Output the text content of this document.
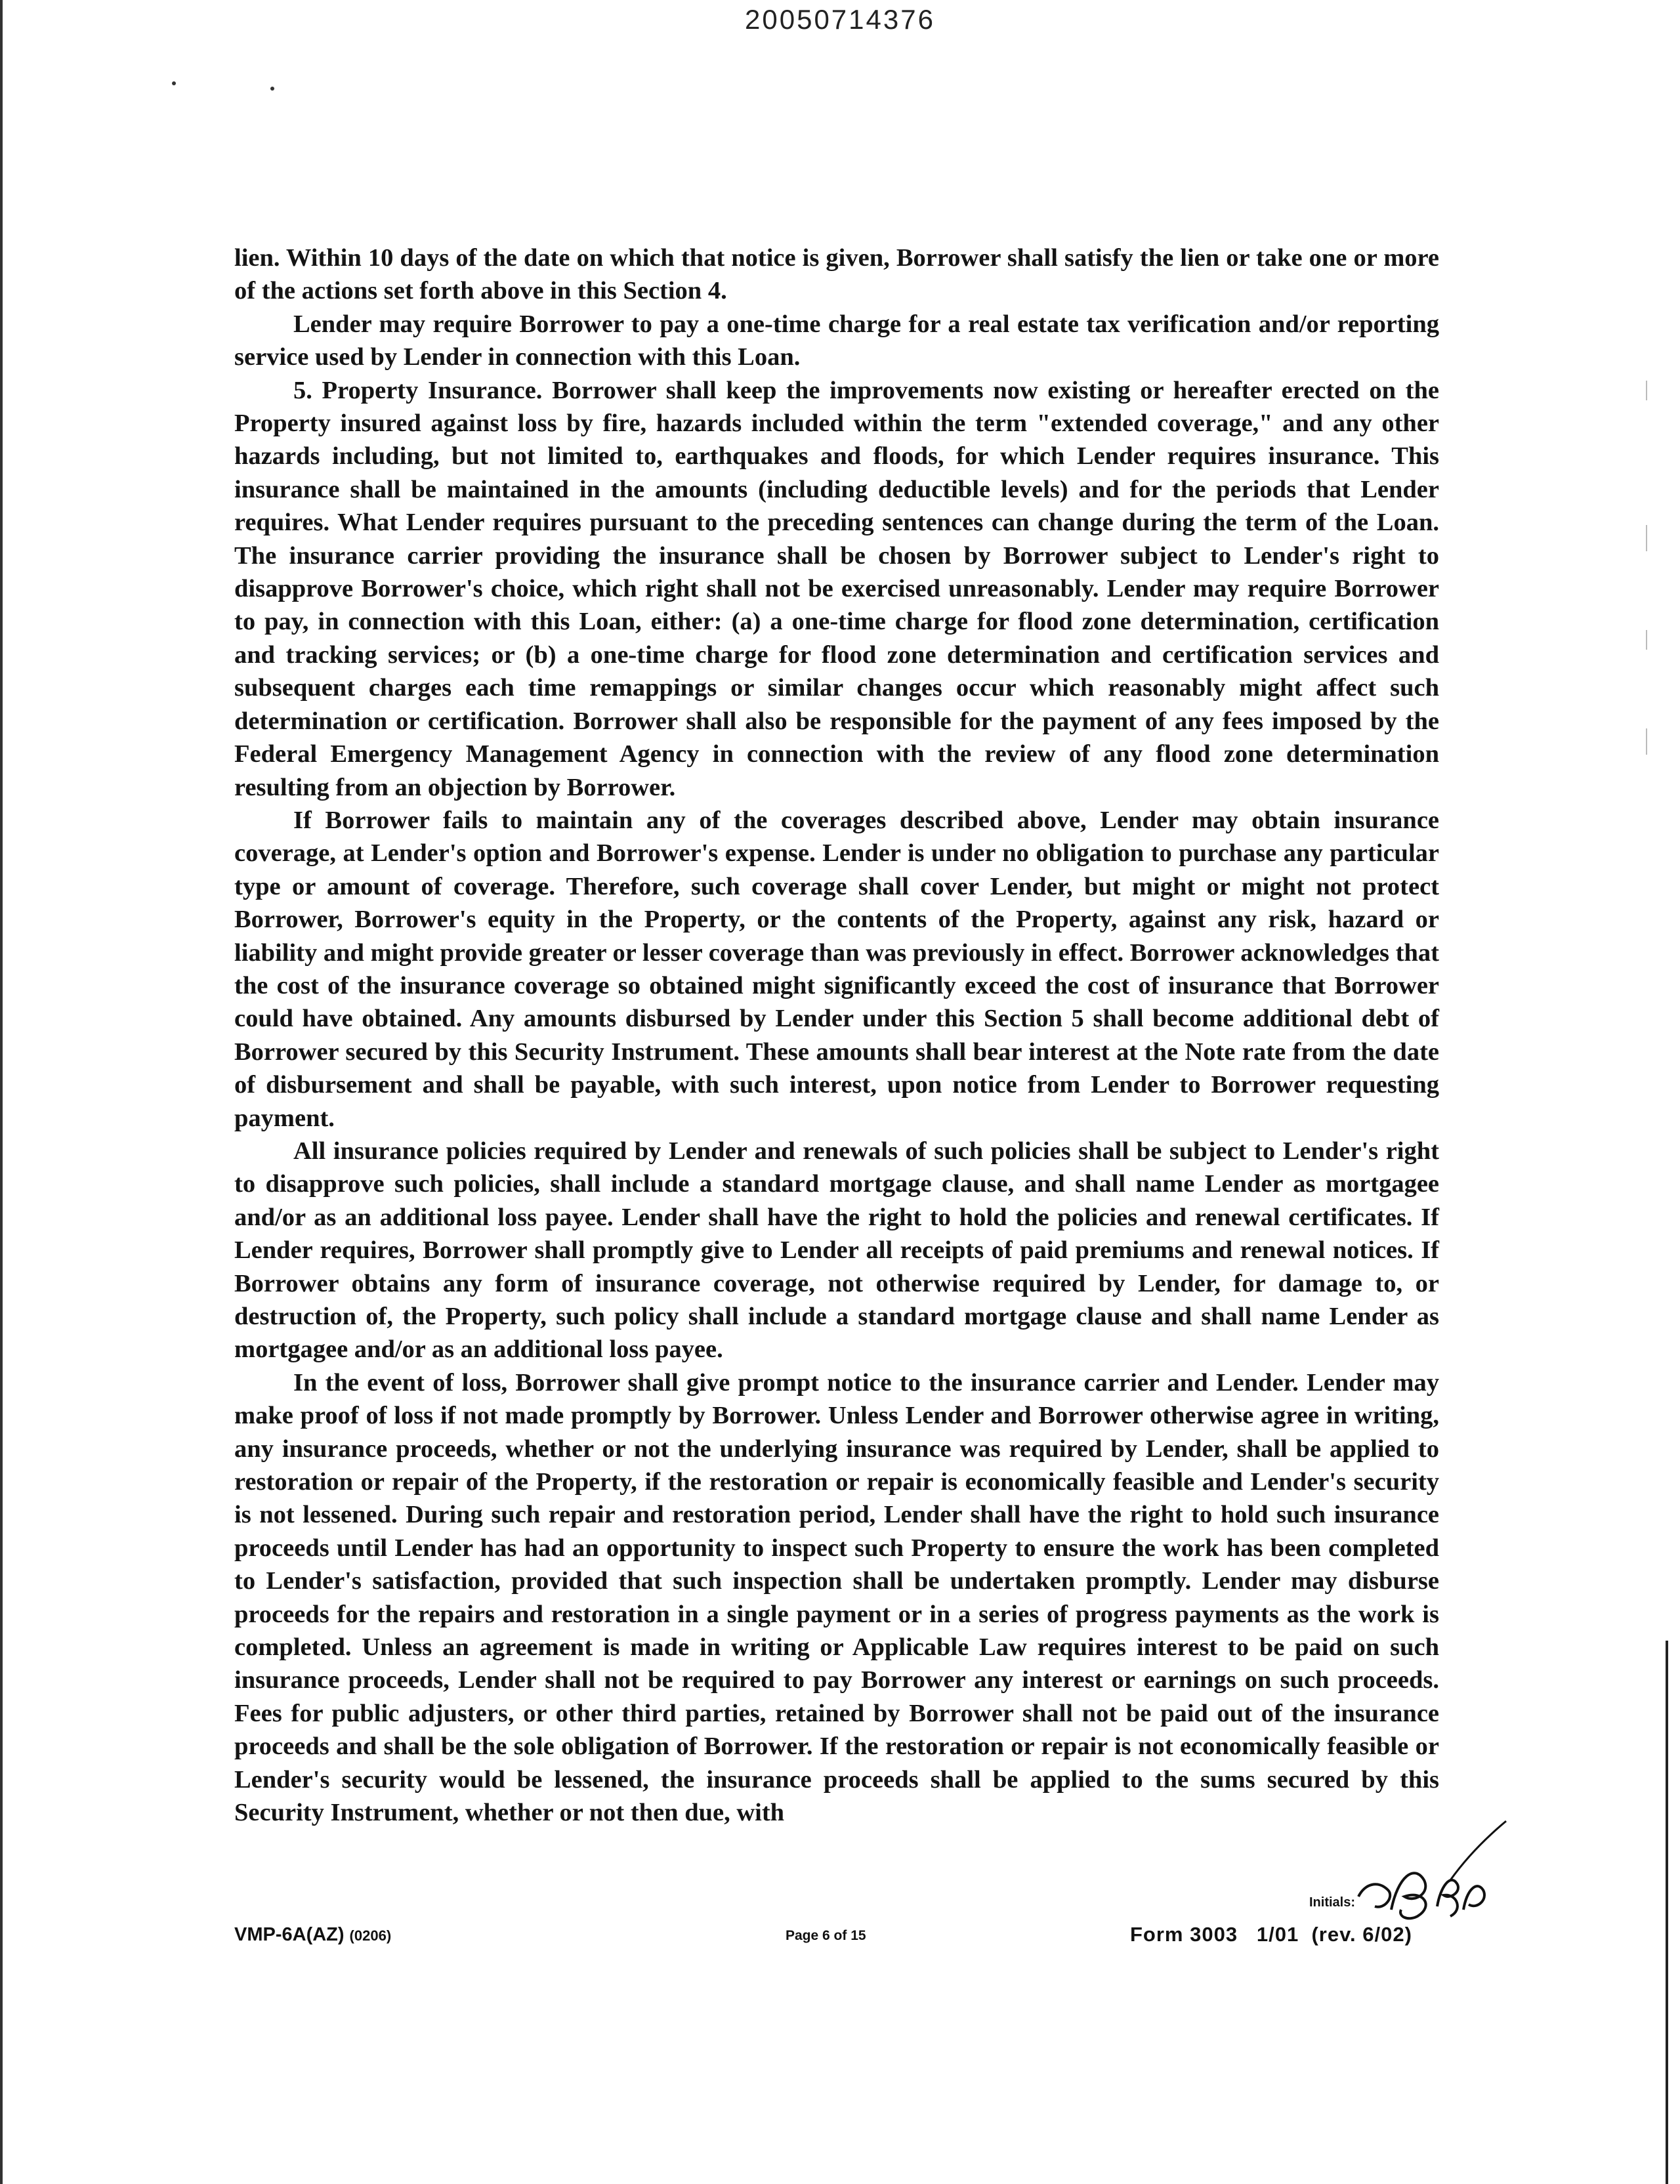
20050714376

lien. Within 10 days of the date on which that notice is given, Borrower shall satisfy the lien or take one or more of the actions set forth above in this Section 4.

Lender may require Borrower to pay a one-time charge for a real estate tax verification and/or reporting service used by Lender in connection with this Loan.

5. Property Insurance. Borrower shall keep the improvements now existing or hereafter erected on the Property insured against loss by fire, hazards included within the term "extended coverage," and any other hazards including, but not limited to, earthquakes and floods, for which Lender requires insurance. This insurance shall be maintained in the amounts (including deductible levels) and for the periods that Lender requires. What Lender requires pursuant to the preceding sentences can change during the term of the Loan. The insurance carrier providing the insurance shall be chosen by Borrower subject to Lender's right to disapprove Borrower's choice, which right shall not be exercised unreasonably. Lender may require Borrower to pay, in connection with this Loan, either: (a) a one-time charge for flood zone determination, certification and tracking services; or (b) a one-time charge for flood zone determination and certification services and subsequent charges each time remappings or similar changes occur which reasonably might affect such determination or certification. Borrower shall also be responsible for the payment of any fees imposed by the Federal Emergency Management Agency in connection with the review of any flood zone determination resulting from an objection by Borrower.

If Borrower fails to maintain any of the coverages described above, Lender may obtain insurance coverage, at Lender's option and Borrower's expense. Lender is under no obligation to purchase any particular type or amount of coverage. Therefore, such coverage shall cover Lender, but might or might not protect Borrower, Borrower's equity in the Property, or the contents of the Property, against any risk, hazard or liability and might provide greater or lesser coverage than was previously in effect. Borrower acknowledges that the cost of the insurance coverage so obtained might significantly exceed the cost of insurance that Borrower could have obtained. Any amounts disbursed by Lender under this Section 5 shall become additional debt of Borrower secured by this Security Instrument. These amounts shall bear interest at the Note rate from the date of disbursement and shall be payable, with such interest, upon notice from Lender to Borrower requesting payment.

All insurance policies required by Lender and renewals of such policies shall be subject to Lender's right to disapprove such policies, shall include a standard mortgage clause, and shall name Lender as mortgagee and/or as an additional loss payee. Lender shall have the right to hold the policies and renewal certificates. If Lender requires, Borrower shall promptly give to Lender all receipts of paid premiums and renewal notices. If Borrower obtains any form of insurance coverage, not otherwise required by Lender, for damage to, or destruction of, the Property, such policy shall include a standard mortgage clause and shall name Lender as mortgagee and/or as an additional loss payee.

In the event of loss, Borrower shall give prompt notice to the insurance carrier and Lender. Lender may make proof of loss if not made promptly by Borrower. Unless Lender and Borrower otherwise agree in writing, any insurance proceeds, whether or not the underlying insurance was required by Lender, shall be applied to restoration or repair of the Property, if the restoration or repair is economically feasible and Lender's security is not lessened. During such repair and restoration period, Lender shall have the right to hold such insurance proceeds until Lender has had an opportunity to inspect such Property to ensure the work has been completed to Lender's satisfaction, provided that such inspection shall be undertaken promptly. Lender may disburse proceeds for the repairs and restoration in a single payment or in a series of progress payments as the work is completed. Unless an agreement is made in writing or Applicable Law requires interest to be paid on such insurance proceeds, Lender shall not be required to pay Borrower any interest or earnings on such proceeds. Fees for public adjusters, or other third parties, retained by Borrower shall not be paid out of the insurance proceeds and shall be the sole obligation of Borrower. If the restoration or repair is not economically feasible or Lender's security would be lessened, the insurance proceeds shall be applied to the sums secured by this Security Instrument, whether or not then due, with

VMP-6A(AZ) (0206)	Page 6 of 15
Initials:
Form 3003   1/01  (rev. 6/02)
